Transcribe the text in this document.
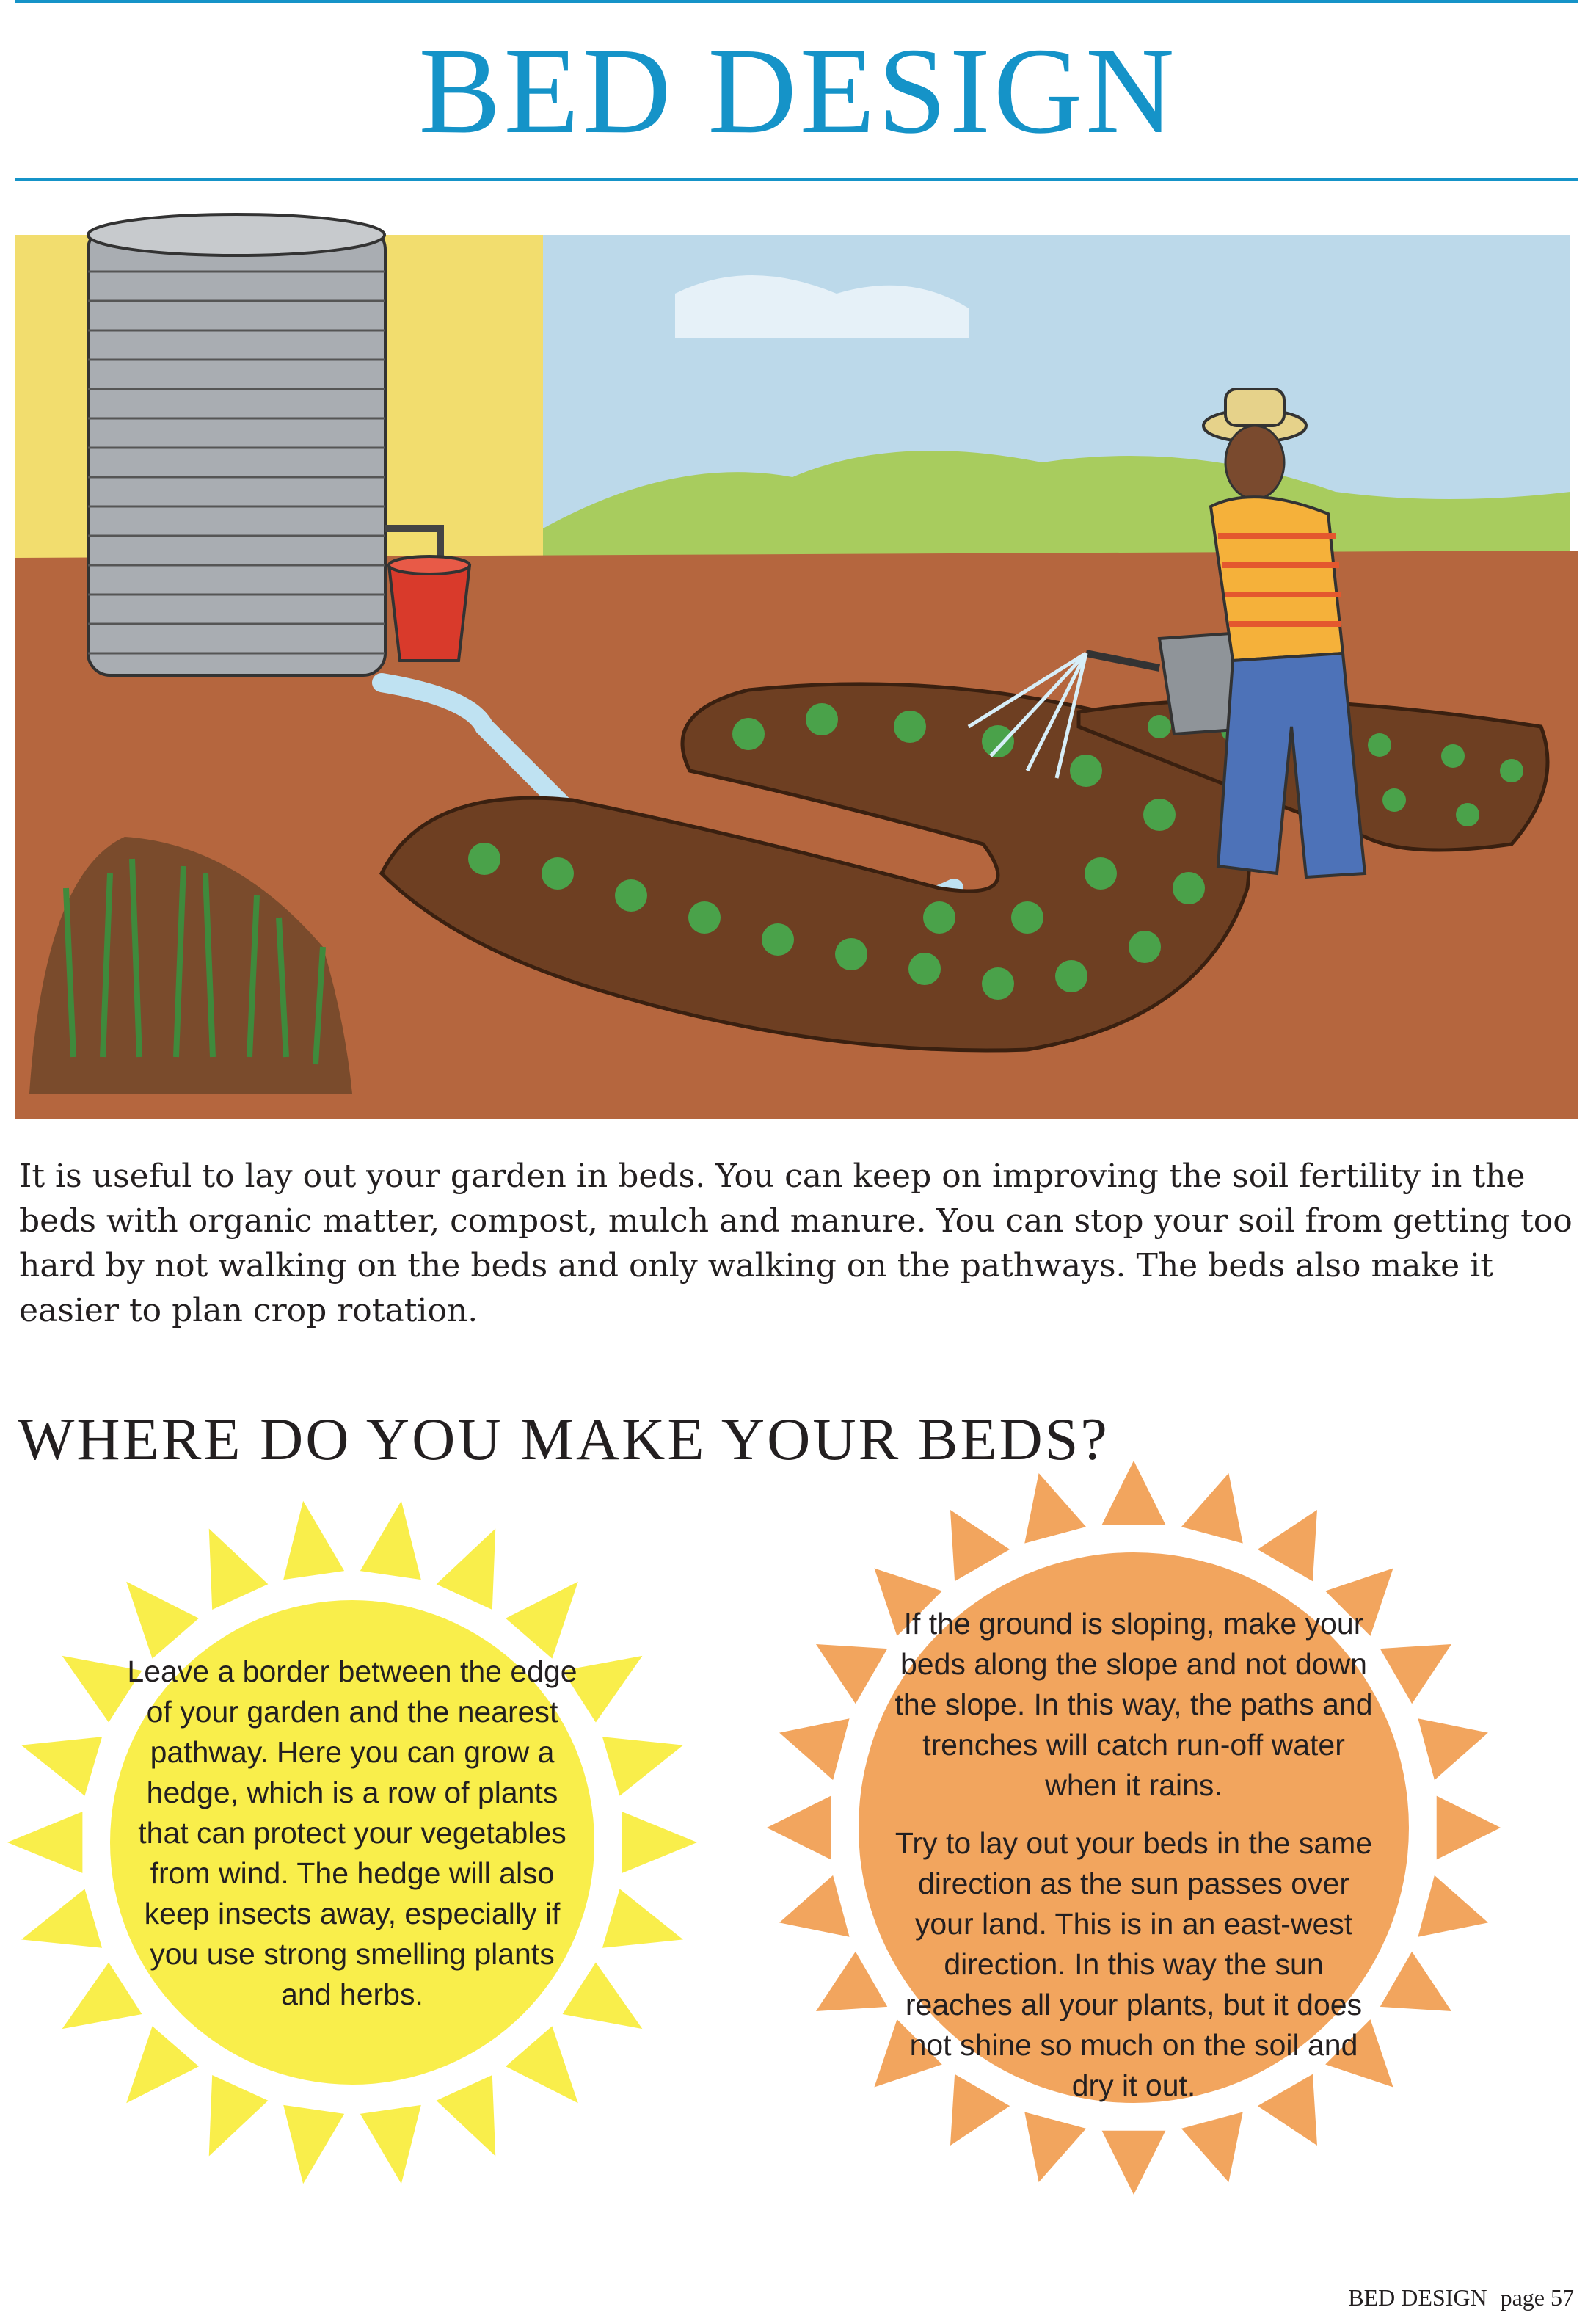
BED DESIGN
It is useful to lay out your garden in beds. You can keep on improving the soil fertility in the beds with organic matter, compost, mulch and manure. You can stop your soil from getting too hard by not walking on the beds and only walking on the pathways. The beds also make it easier to plan crop rotation.
WHERE DO YOU MAKE YOUR BEDS?

Leave a border between the edge of your garden and the nearest pathway. Here you can grow a hedge, which is a row of plants that can protect your vegetables from wind. The hedge will also keep insects away, especially if you use strong smelling plants and herbs.

If the ground is sloping, make your beds along the slope and not down the slope. In this way, the paths and trenches will catch run-off water when it rains.

Try to lay out your beds in the same direction as the sun passes over your land. This is in an east-west direction. In this way the sun reaches all your plants, but it does not shine so much on the soil and dry it out.

BED DESIGN page 57
